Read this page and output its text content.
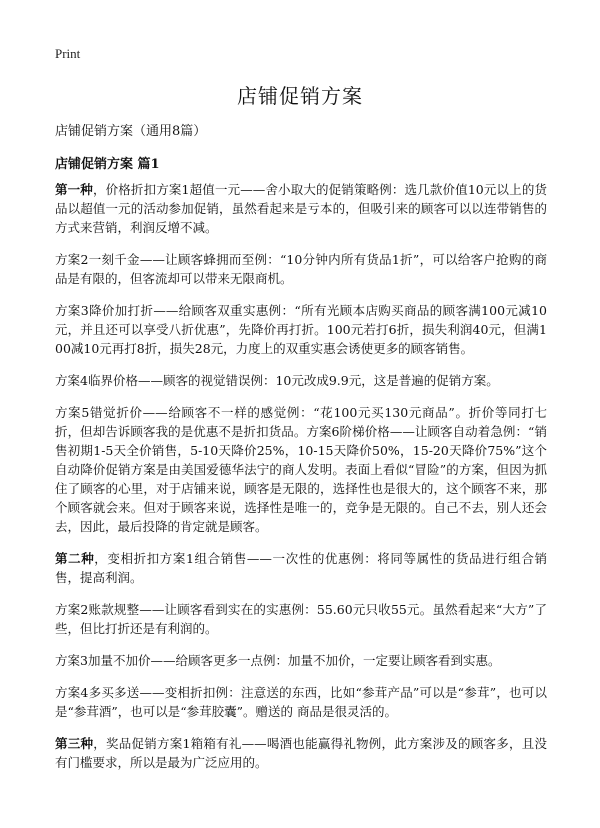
Print
店铺促销方案
店铺促销方案（通用8篇）
店铺促销方案 篇1

第一种，价格折扣方案1超值一元——舍小取大的促销策略例：选几款价值10元以上的货品以超值一元的活动参加促销，虽然看起来是亏本的，但吸引来的顾客可以以连带销售的方式来营销，利润反增不减。

方案2一刻千金——让顾客蜂拥而至例：“10分钟内所有货品1折”，可以给客户抢购的商品是有限的，但客流却可以带来无限商机。

方案3降价加打折——给顾客双重实惠例：“所有光顾本店购买商品的顾客满100元减10元，并且还可以享受八折优惠”，先降价再打折。100元若打6折，损失利润40元，但满100减10元再打8折，损失28元，力度上的双重实惠会诱使更多的顾客销售。

方案4临界价格——顾客的视觉错误例：10元改成9.9元，这是普遍的促销方案。

方案5错觉折价——给顾客不一样的感觉例：“花100元买130元商品”。折价等同打七折，但却告诉顾客我的是优惠不是折扣货品。方案6阶梯价格——让顾客自动着急例：“销售初期1-5天全价销售，5-10天降价25%，10-15天降价50%，15-20天降价75%”这个自动降价促销方案是由美国爱德华法宁的商人发明。表面上看似“冒险”的方案，但因为抓住了顾客的心里，对于店铺来说，顾客是无限的，选择性也是很大的，这个顾客不来，那个顾客就会来。但对于顾客来说，选择性是唯一的，竞争是无限的。自己不去，别人还会去，因此，最后投降的肯定就是顾客。

第二种，变相折扣方案1组合销售——一次性的优惠例：将同等属性的货品进行组合销售，提高利润。

方案2账款规整——让顾客看到实在的实惠例：55.60元只收55元。虽然看起来“大方”了些，但比打折还是有利润的。

方案3加量不加价——给顾客更多一点例：加量不加价，一定要让顾客看到实惠。

方案4多买多送——变相折扣例：注意送的东西，比如“参茸产品”可以是“参茸”，也可以是“参茸酒”，也可以是“参茸胶囊”。赠送的 商品是很灵活的。

第三种，奖品促销方案1箱箱有礼——喝酒也能赢得礼物例，此方案涉及的顾客多，且没有门槛要求，所以是最为广泛应用的。
